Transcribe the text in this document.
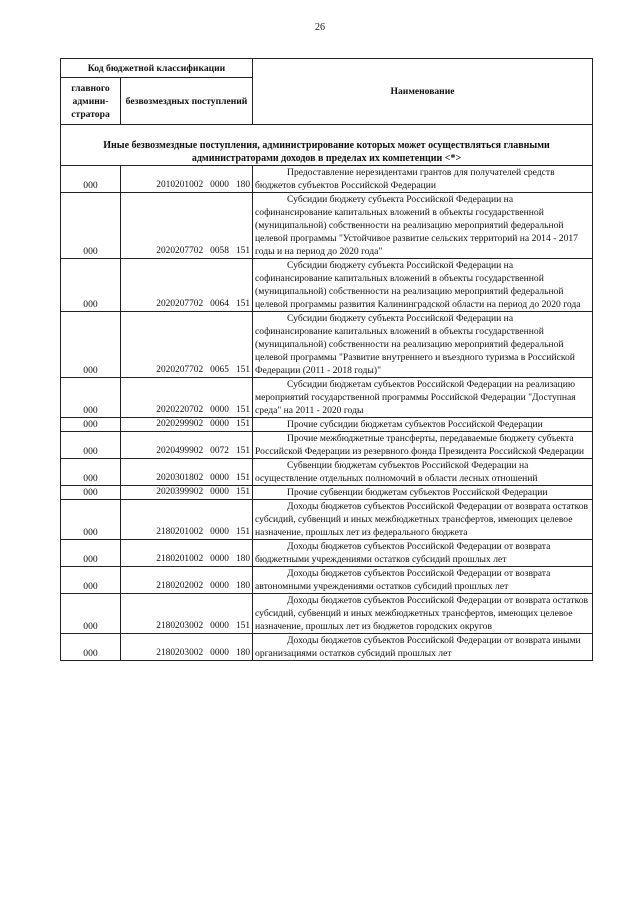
26
Код бюджетной классификации		Наименование
главного админи-стратора	безвозмездных поступлений	
Иные безвозмездные поступления, администрирование которых может осуществляться главными администраторами доходов в пределах их компетенции <*>		
000	2010201002   0000   180	Предоставление нерезидентами грантов для получателей средств бюджетов субъектов Российской Федерации

000	2020207702   0058   151	Субсидии бюджету субъекта Российской Федерации на софинансирование капитальных вложений в объекты государственной (муниципальной) собственности на реализацию мероприятий федеральной целевой программы "Устойчивое развитие сельских территорий на 2014 - 2017 годы и на период до 2020 года"

000	2020207702   0064   151	Субсидии бюджету субъекта Российской Федерации на софинансирование капитальных вложений в объекты государственной (муниципальной) собственности на реализацию мероприятий федеральной целевой программы развития Калининградской области на период до 2020 года

000	2020207702   0065   151	Субсидии бюджету субъекта Российской Федерации на софинансирование капитальных вложений в объекты государственной (муниципальной) собственности на реализацию мероприятий федеральной целевой программы "Развитие внутреннего и въездного туризма в Российской Федерации (2011 - 2018 годы)"

000	2020220702   0000   151	Субсидии бюджетам субъектов Российской Федерации на реализацию мероприятий государственной программы Российской Федерации "Доступная среда" на 2011 - 2020 годы

000	2020299902   0000   151	Прочие субсидии бюджетам субъектов Российской Федерации

000	2020499902   0072   151	Прочие межбюджетные трансферты, передаваемые бюджету субъекта Российской Федерации из резервного фонда Президента Российской Федерации

000	2020301802   0000   151	Субвенции бюджетам субъектов Российской Федерации на осуществление отдельных полномочий в области лесных отношений

000	2020399902   0000   151	Прочие субвенции бюджетам субъектов Российской Федерации

000	2180201002   0000   151	Доходы бюджетов субъектов Российской Федерации от возврата остатков субсидий, субвенций и иных межбюджетных трансфертов, имеющих целевое назначение, прошлых лет из федерального бюджета

000	2180201002   0000   180	Доходы бюджетов субъектов Российской Федерации от возврата бюджетными учреждениями остатков субсидий прошлых лет

000	2180202002   0000   180	Доходы бюджетов субъектов Российской Федерации от возврата автономными учреждениями остатков субсидий прошлых лет

000	2180203002   0000   151	Доходы бюджетов субъектов Российской Федерации от возврата остатков субсидий, субвенций и иных межбюджетных трансфертов, имеющих целевое назначение, прошлых лет из бюджетов городских округов

000	2180203002   0000   180	Доходы бюджетов субъектов Российской Федерации от возврата иными организациями остатков субсидий прошлых лет
